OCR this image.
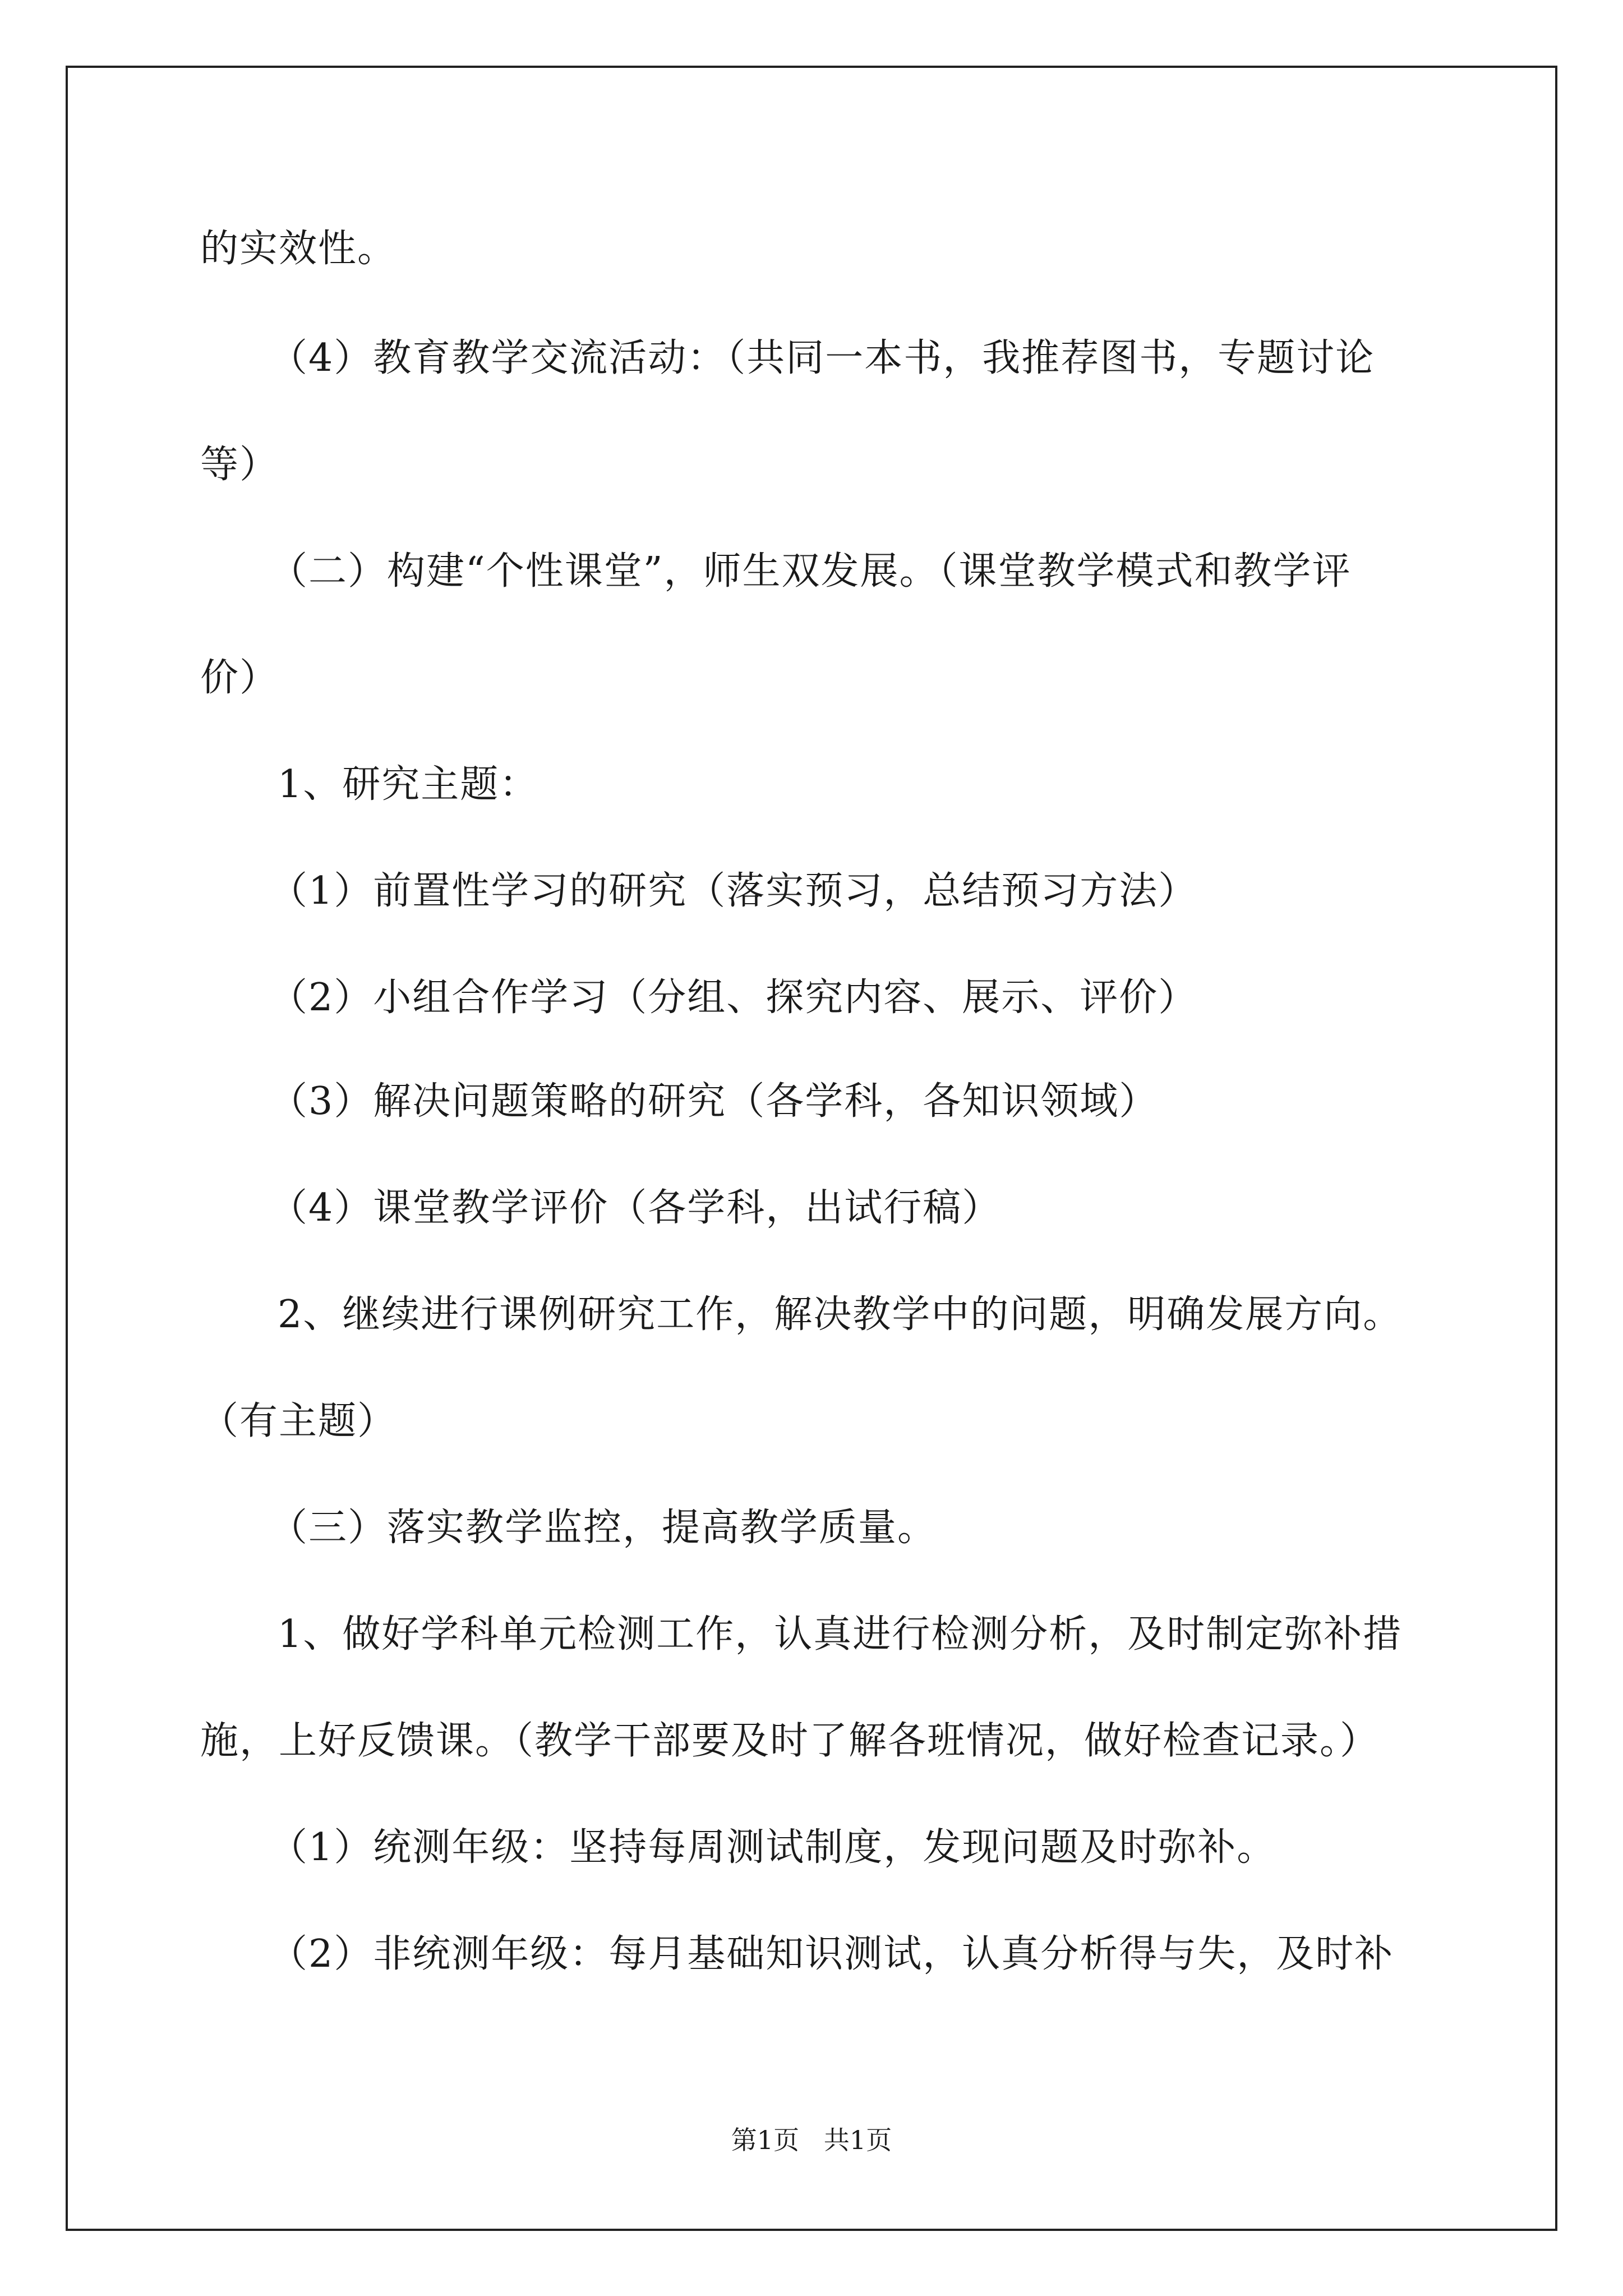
的实效性。
（4）教育教学交流活动：（共同一本书，我推荐图书，专题讨论
等）
（二）构建“个性课堂”，师生双发展。（课堂教学模式和教学评
价）
1、研究主题：
（1）前置性学习的研究（落实预习，总结预习方法）
（2）小组合作学习（分组、探究内容、展示、评价）
（3）解决问题策略的研究（各学科，各知识领域）
（4）课堂教学评价（各学科，出试行稿）
2、继续进行课例研究工作，解决教学中的问题，明确发展方向。
（有主题）
（三）落实教学监控，提高教学质量。
1、做好学科单元检测工作，认真进行检测分析，及时制定弥补措
施，上好反馈课。（教学干部要及时了解各班情况，做好检查记录。）
（1）统测年级：坚持每周测试制度，发现问题及时弥补。
（2）非统测年级：每月基础知识测试，认真分析得与失，及时补
第1页   共1页
